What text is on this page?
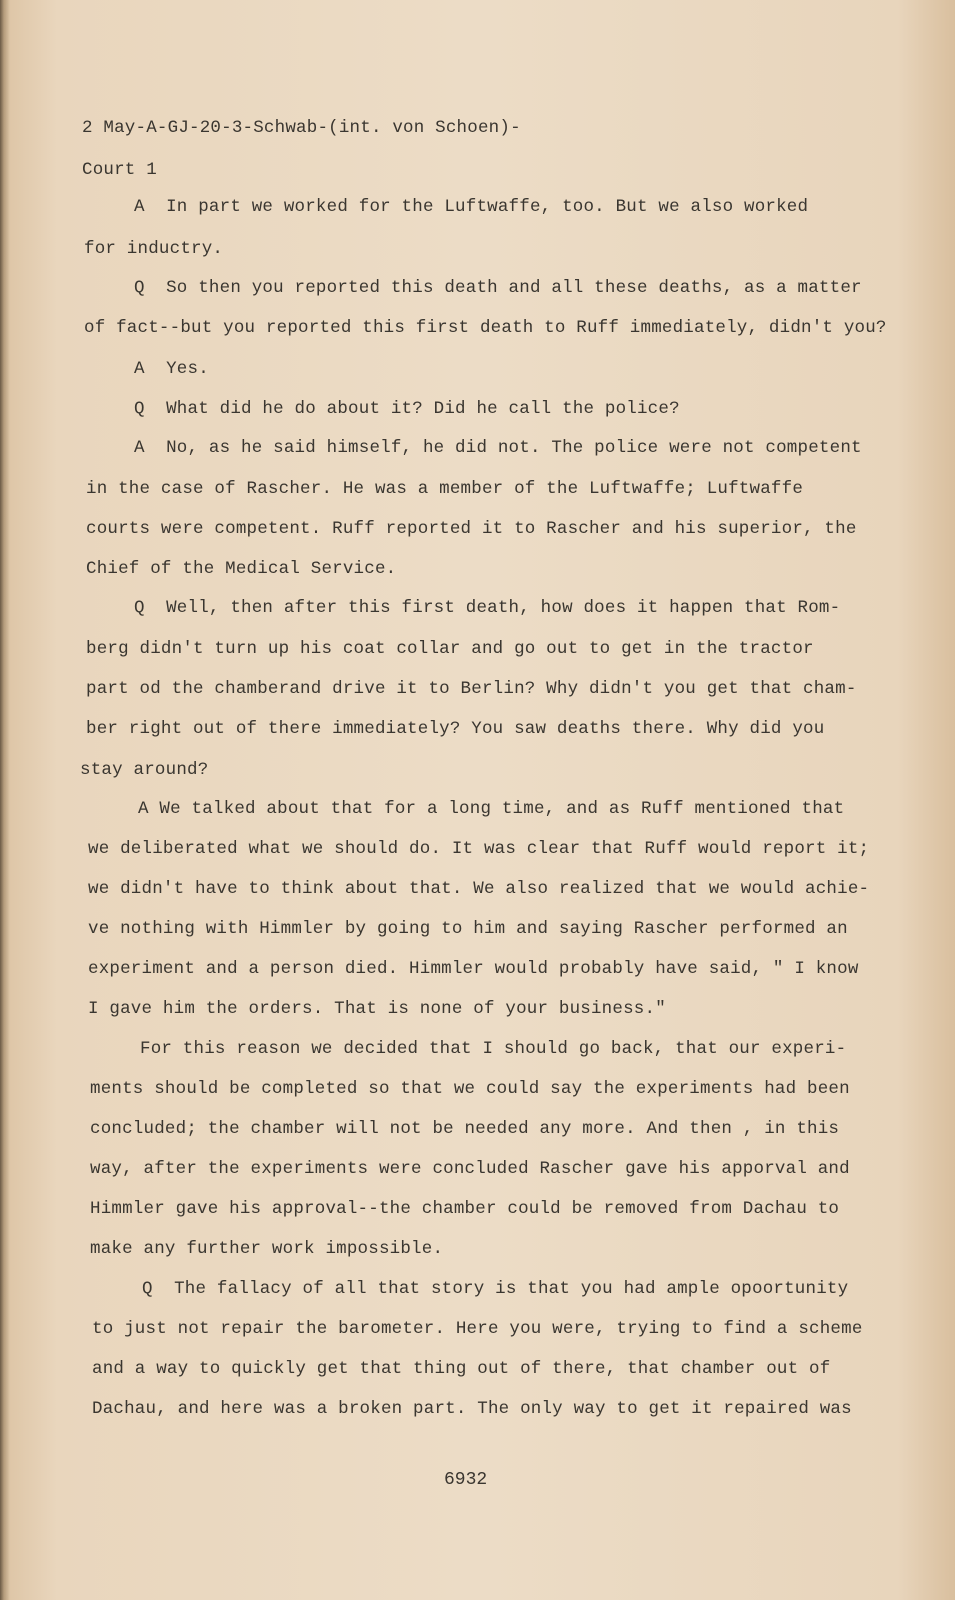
2 May-A-GJ-20-3-Schwab-(int. von Schoen)-
Court 1
A  In part we worked for the Luftwaffe, too. But we also worked
for inductry.
Q  So then you reported this death and all these deaths, as a matter
of fact--but you reported this first death to Ruff immediately, didn't you?
A  Yes.
Q  What did he do about it? Did he call the police?
A  No, as he said himself, he did not. The police were not competent
in the case of Rascher. He was a member of the Luftwaffe; Luftwaffe
courts were competent. Ruff reported it to Rascher and his superior, the
Chief of the Medical Service.
Q  Well, then after this first death, how does it happen that Rom-
berg didn't turn up his coat collar and go out to get in the tractor
part od the chamberand drive it to Berlin? Why didn't you get that cham-
ber right out of there immediately? You saw deaths there. Why did you
stay around?
A We talked about that for a long time, and as Ruff mentioned that
we deliberated what we should do. It was clear that Ruff would report it;
we didn't have to think about that. We also realized that we would achie-
ve nothing with Himmler by going to him and saying Rascher performed an
experiment and a person died. Himmler would probably have said, " I know
I gave him the orders. That is none of your business."
For this reason we decided that I should go back, that our experi-
ments should be completed so that we could say the experiments had been
concluded; the chamber will not be needed any more. And then , in this
way, after the experiments were concluded Rascher gave his apporval and
Himmler gave his approval--the chamber could be removed from Dachau to
make any further work impossible.
Q  The fallacy of all that story is that you had ample opoortunity
to just not repair the barometer. Here you were, trying to find a scheme
and a way to quickly get that thing out of there, that chamber out of
Dachau, and here was a broken part. The only way to get it repaired was
6932
